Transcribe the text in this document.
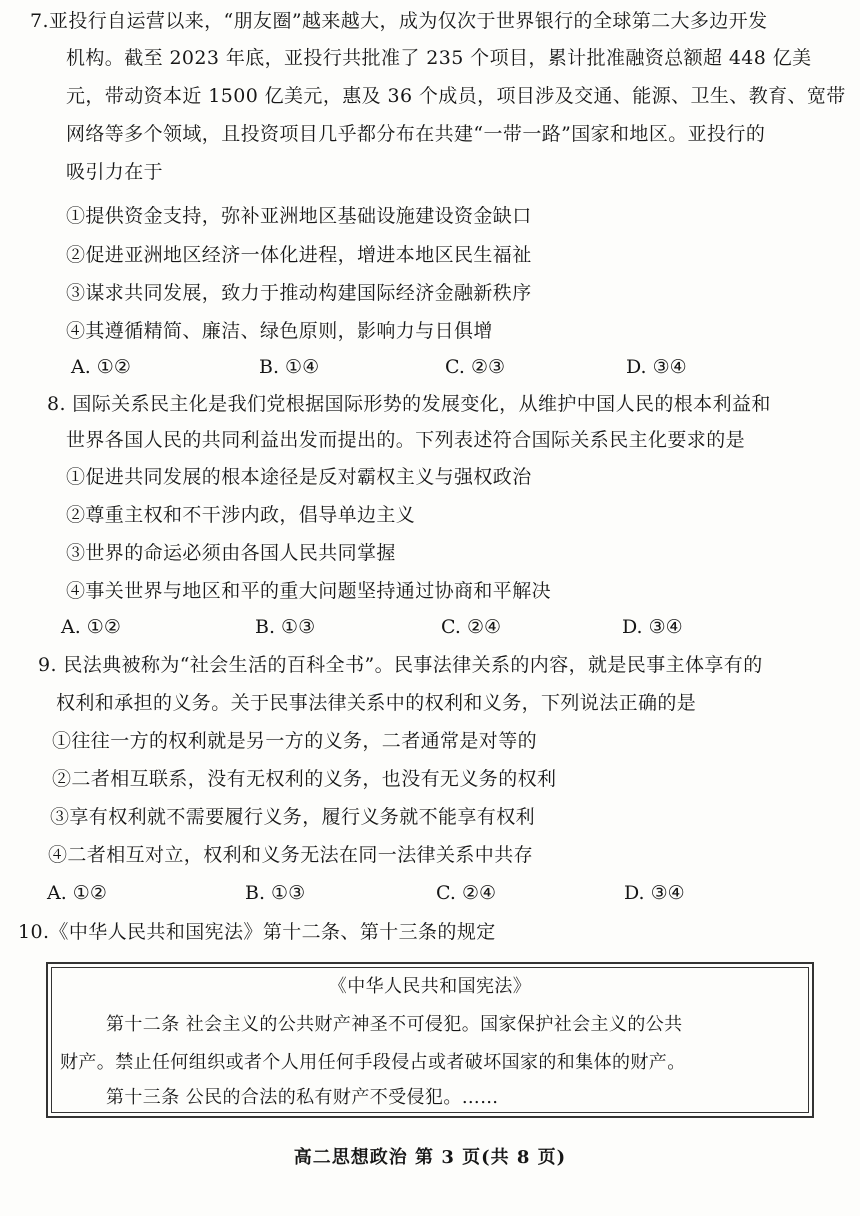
7.亚投行自运营以来，“朋友圈”越来越大，成为仅次于世界银行的全球第二大多边开发
机构。截至 2023 年底，亚投行共批准了 235 个项目，累计批准融资总额超 448 亿美
元，带动资本近 1500 亿美元，惠及 36 个成员，项目涉及交通、能源、卫生、教育、宽带
网络等多个领域，且投资项目几乎都分布在共建“一带一路”国家和地区。亚投行的
吸引力在于
①提供资金支持，弥补亚洲地区基础设施建设资金缺口
②促进亚洲地区经济一体化进程，增进本地区民生福祉
③谋求共同发展，致力于推动构建国际经济金融新秩序
④其遵循精简、廉洁、绿色原则，影响力与日俱增
A. ①②	B. ①④	C. ②③	D. ③④
8. 国际关系民主化是我们党根据国际形势的发展变化，从维护中国人民的根本利益和
世界各国人民的共同利益出发而提出的。下列表述符合国际关系民主化要求的是
①促进共同发展的根本途径是反对霸权主义与强权政治
②尊重主权和不干涉内政，倡导单边主义
③世界的命运必须由各国人民共同掌握
④事关世界与地区和平的重大问题坚持通过协商和平解决
A. ①②	B. ①③	C. ②④	D. ③④
9. 民法典被称为“社会生活的百科全书”。民事法律关系的内容，就是民事主体享有的
权利和承担的义务。关于民事法律关系中的权利和义务，下列说法正确的是
①往往一方的权利就是另一方的义务，二者通常是对等的
②二者相互联系，没有无权利的义务，也没有无义务的权利
③享有权利就不需要履行义务，履行义务就不能享有权利
④二者相互对立，权利和义务无法在同一法律关系中共存
A. ①②	B. ①③	C. ②④	D. ③④
10.《中华人民共和国宪法》第十二条、第十三条的规定
《中华人民共和国宪法》
第十二条 社会主义的公共财产神圣不可侵犯。国家保护社会主义的公共
财产。禁止任何组织或者个人用任何手段侵占或者破坏国家的和集体的财产。
第十三条 公民的合法的私有财产不受侵犯。……
高二思想政治 第 3 页(共 8 页)
